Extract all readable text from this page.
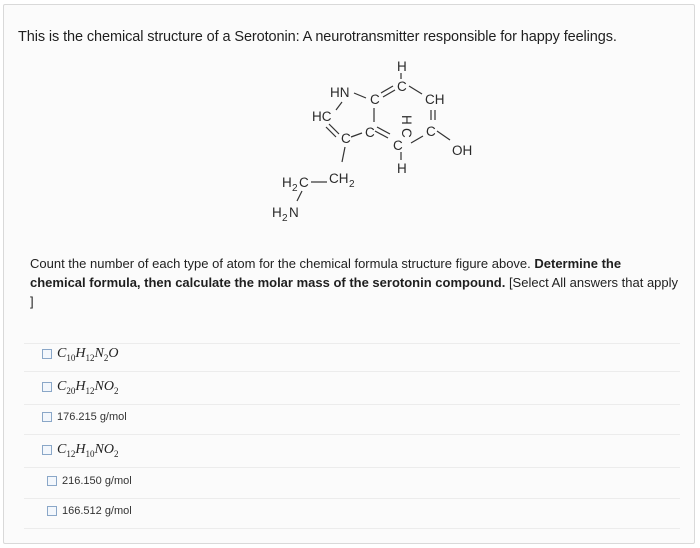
This is the chemical structure of a Serotonin: A neurotransmitter responsible for happy feelings.
H
C
HN C	CH
HC
C C
C
H
H
C C
OH
H 2 C CH 2
H 2 N
Count the number of each type of atom for the chemical formula structure figure above. Determine the chemical formula, then calculate the molar mass of the serotonin compound. [Select All answers that apply ]
$C_{10}H_{12}N_2O$
$C_{20}H_{12}NO_2$
176.215 g/mol
$C_{12}H_{10}NO_2$
216.150 g/mol
166.512 g/mol
